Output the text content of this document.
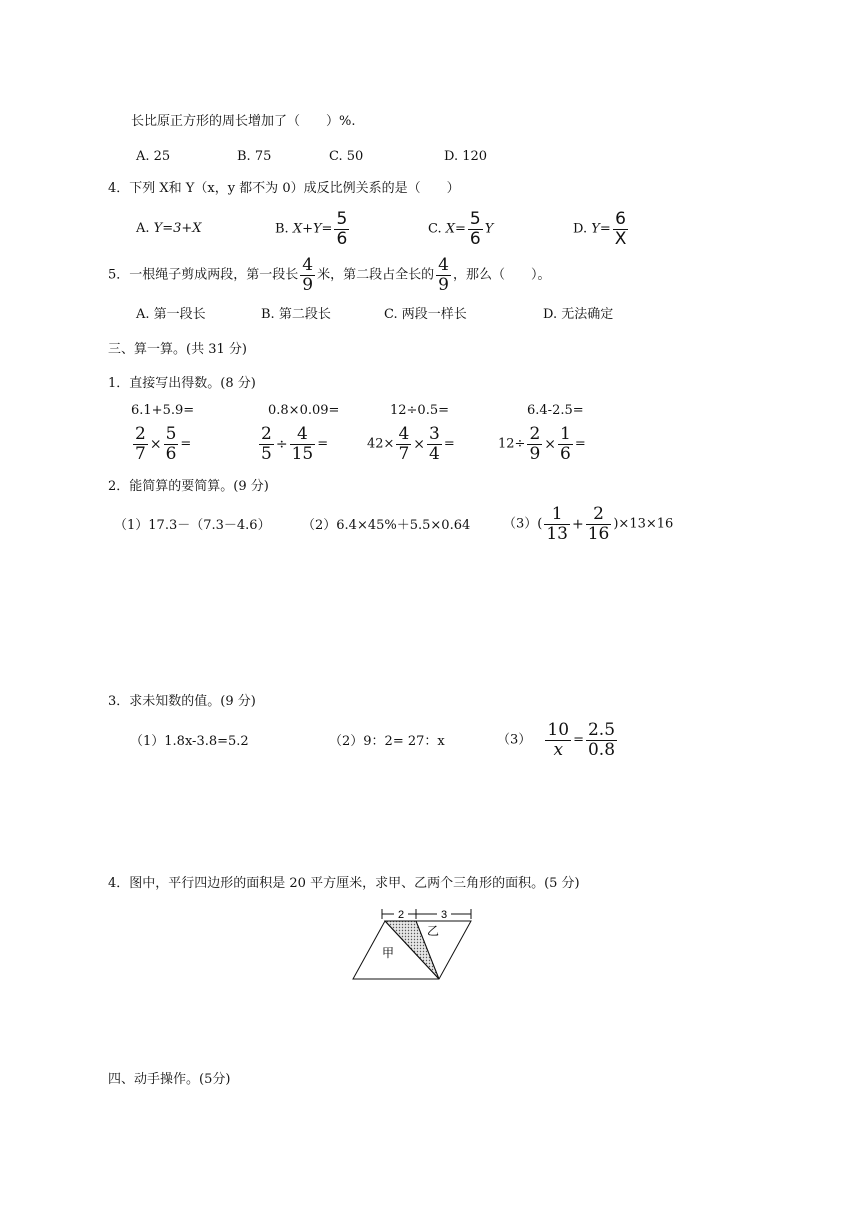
长比原正方形的周长增加了（　　）%.
A. 25	B. 75	C. 50	D. 120
4．下列 X和 Y（x，y 都不为 0）成反比例关系的是（　　）
A. Y=3+X	B. $X+Y= \frac{5}{6}$	C. $X= \frac{5}{6}$ Y	D. $Y= \frac{6}{X}$
5．一根绳子剪成两段，第一段长 $\frac{4}{9}$ 米，第二段占全长的 $\frac{4}{9}$ ，那么（　　）。
A. 第一段长	B. 第二段长	C. 两段一样长	D. 无法确定
三、算一算。(共 31 分)
1．直接写出得数。(8 分)
6.1+5.9=	0.8×0.09=	12÷0.5=	6.4-2.5=
$\frac{2}{7} \times \frac{5}{6}$ =	$\frac{2}{5} \div \frac{4}{15}$ =	$42\times \frac{4}{7} \times \frac{3}{4}$ =	$12\div \frac{2}{9} \times \frac{1}{6}$ =
2．能简算的要简算。(9 分)
（1）17.3－（7.3－4.6） （2）6.4×45%＋5.5×0.64	$(3)( \frac{1}{13} + \frac{2}{16} )\times 13\times 16$
3．求未知数的值。(9 分)
（1）1.8x-3.8=5.2	（2）9：2= 27：x	$(3) \frac{10}{x} = \frac{2.5}{0.8}$
4．图中，平行四边形的面积是 20 平方厘米，求甲、乙两个三角形的面积。(5 分)
2	3
甲
乙
四、动手操作。(5分)
